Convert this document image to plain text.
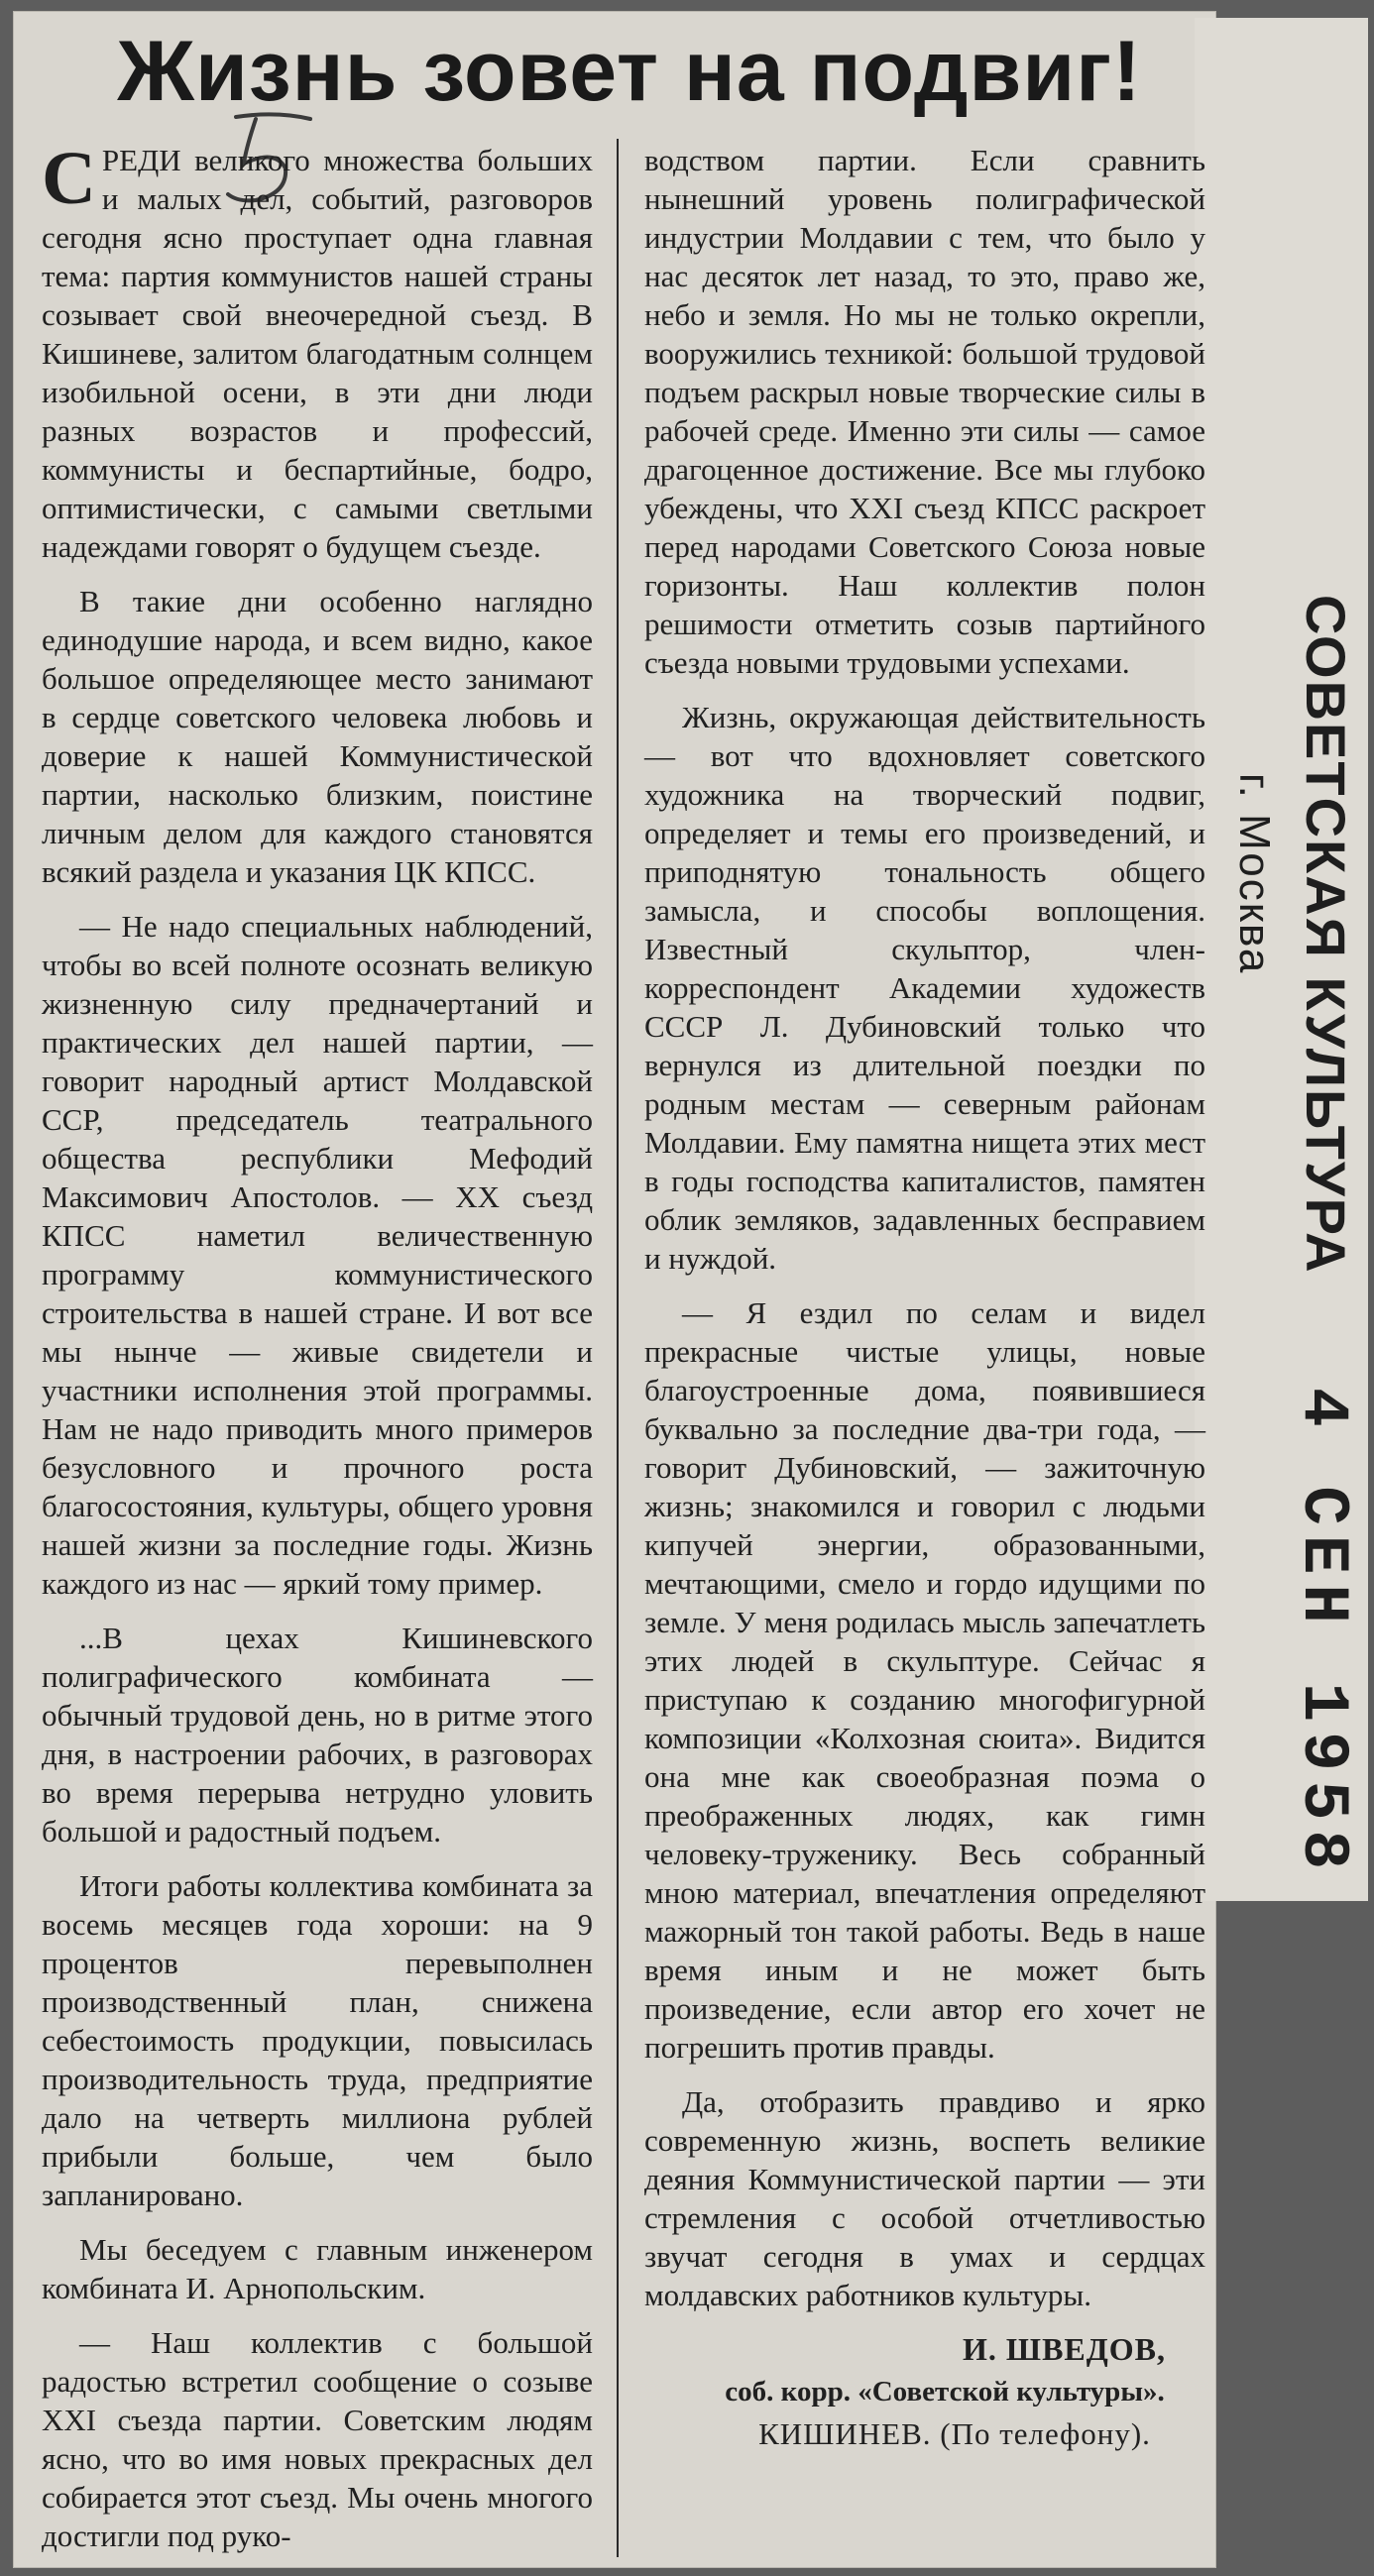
Жизнь зовет на подвиг!

СРЕДИ великого множества больших и малых дел, событий, разговоров сегодня ясно проступает одна главная тема: партия коммунистов нашей страны созывает свой внеочередной съезд. В Кишиневе, залитом благодатным солнцем изобильной осени, в эти дни люди разных возрастов и профессий, коммунисты и беспартийные, бодро, оптимистически, с самыми светлыми надеждами говорят о будущем съезде.

В такие дни особенно наглядно единодушие народа, и всем видно, какое большое определяющее место занимают в сердце советского человека любовь и доверие к нашей Коммунистической партии, насколько близким, поистине личным делом для каждого становятся всякий раздела и указания ЦК КПСС.

— Не надо специальных наблюдений, чтобы во всей полноте осознать великую жизненную силу предначертаний и практических дел нашей партии, — говорит народный артист Молдавской ССР, председатель театрального общества республики Мефодий Максимович Апостолов. — XX съезд КПСС наметил величественную программу коммунистического строительства в нашей стране. И вот все мы нынче — живые свидетели и участники исполнения этой программы. Нам не надо приводить много примеров безусловного и прочного роста благосостояния, культуры, общего уровня нашей жизни за последние годы. Жизнь каждого из нас — яркий тому пример.

...В цехах Кишиневского полиграфического комбината — обычный трудовой день, но в ритме этого дня, в настроении рабочих, в разговорах во время перерыва нетрудно уловить большой и радостный подъем.

Итоги работы коллектива комбината за восемь месяцев года хороши: на 9 процентов перевыполнен производственный план, снижена себестоимость продукции, повысилась производительность труда, предприятие дало на четверть миллиона рублей прибыли больше, чем было запланировано.

Мы беседуем с главным инженером комбината И. Арнопольским.

— Наш коллектив с большой радостью встретил сообщение о созыве XXI съезда партии. Советским людям ясно, что во имя новых прекрасных дел собирается этот съезд. Мы очень многого достигли под руко-

водством партии. Если сравнить нынешний уровень полиграфической индустрии Молдавии с тем, что было у нас десяток лет назад, то это, право же, небо и земля. Но мы не только окрепли, вооружились техникой: большой трудовой подъем раскрыл новые творческие силы в рабочей среде. Именно эти силы — самое драгоценное достижение. Все мы глубоко убеждены, что XXI съезд КПСС раскроет перед народами Советского Союза новые горизонты. Наш коллектив полон решимости отметить созыв партийного съезда новыми трудовыми успехами.

Жизнь, окружающая действительность — вот что вдохновляет советского художника на творческий подвиг, определяет и темы его произведений, и приподнятую тональность общего замысла, и способы воплощения. Известный скульптор, член-корреспондент Академии художеств СССР Л. Дубиновский только что вернулся из длительной поездки по родным местам — северным районам Молдавии. Ему памятна нищета этих мест в годы господства капиталистов, памятен облик земляков, задавленных бесправием и нуждой.

— Я ездил по селам и видел прекрасные чистые улицы, новые благоустроенные дома, появившиеся буквально за последние два-три года, — говорит Дубиновский, — зажиточную жизнь; знакомился и говорил с людьми кипучей энергии, образованными, мечтающими, смело и гордо идущими по земле. У меня родилась мысль запечатлеть этих людей в скульптуре. Сейчас я приступаю к созданию многофигурной композиции «Колхозная сюита». Видится она мне как своеобразная поэма о преображенных людях, как гимн человеку-труженику. Весь собранный мною материал, впечатления определяют мажорный тон такой работы. Ведь в наше время иным и не может быть произведение, если автор его хочет не погрешить против правды.

Да, отобразить правдиво и ярко современную жизнь, воспеть великие деяния Коммунистической партии — эти стремления с особой отчетливостью звучат сегодня в умах и сердцах молдавских работников культуры.

И. ШВЕДОВ,
соб. корр. «Советской культуры».
КИШИНЕВ. (По телефону).
СОВЕТСКАЯ КУЛЬТУРА
г. Москва
4 СЕН 1958
